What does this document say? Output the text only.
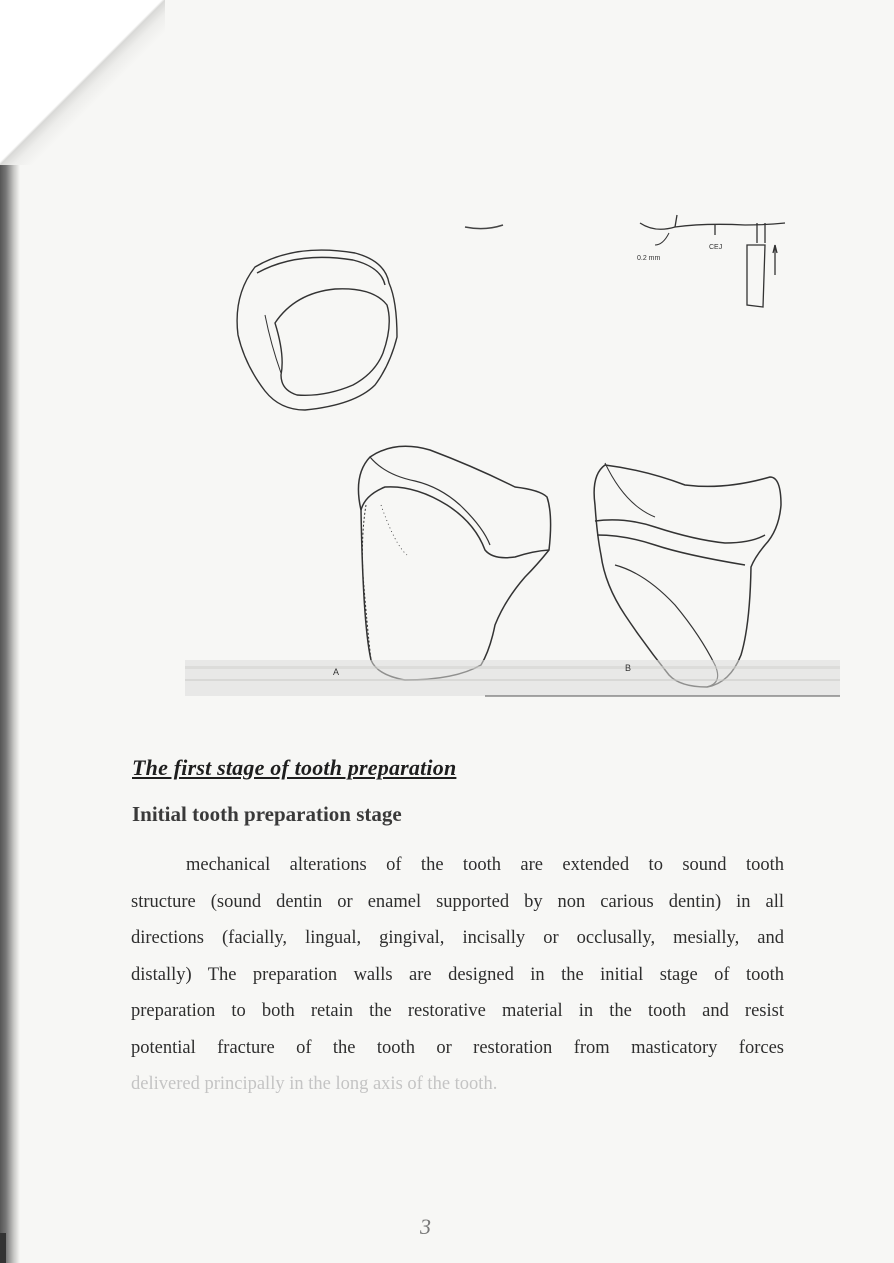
0.2 mm
CEJ
A	B
The first stage of tooth preparation
Initial tooth preparation stage
mechanical alterations of the tooth are extended to sound tooth
structure (sound dentin or enamel supported by non carious dentin) in all
directions (facially, lingual, gingival, incisally or occlusally, mesially, and
distally) The preparation walls are designed in the initial stage of tooth
preparation to both retain the restorative material in the tooth and resist
potential fracture of the tooth or restoration from masticatory forces
delivered principally in the long axis of the tooth.
3
